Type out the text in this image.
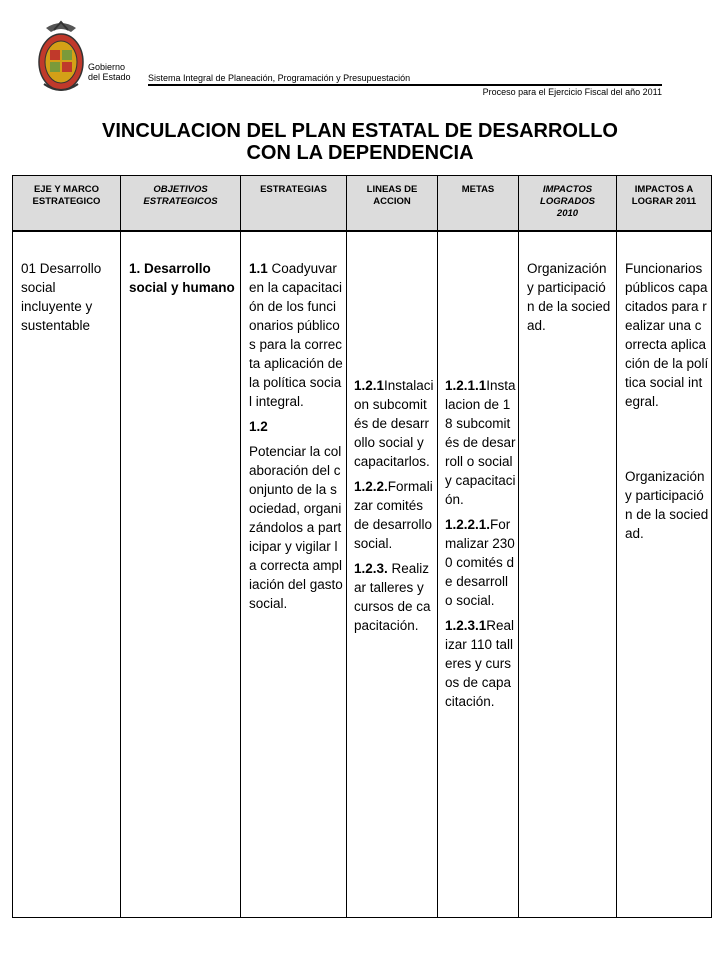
Gobierno
del Estado Sistema Integral de Planeación, Programación y Presupuestación
Proceso para el Ejercicio Fiscal del año 2011
VINCULACION DEL PLAN ESTATAL DE DESARROLLO
CON LA DEPENDENCIA
EJE Y MARCO ESTRATEGICO
OBJETIVOS ESTRATEGICOS
ESTRATEGIAS	LINEAS DE ACCION
METAS	IMPACTOS LOGRADOS 2010
IMPACTOS A LOGRAR 2011
01 Desarrollo social incluyente y sustentable
1. Desarrollo social y humano
1.1 Coadyuvar en la capacitación de los funcionarios públicos para la correcta aplicación de la política social integral.
1.2
Potenciar la colaboración del conjunto de la sociedad, organizándolos a participar y vigilar la correcta ampliación del gasto social.
1.2.1Instalacion subcomités de desarrollo social y capacitarlos.
1.2.2.Formalizar comités de desarrollo social.
1.2.3. Realizar talleres y cursos de capacitación.
1.2.1.1Instalacion de 18 subcomités de desarroll o social y capacitación.
1.2.2.1.Formalizar 2300 comités de desarroll o social.
1.2.3.1Realizar 110 talleres y cursos de capacitación.
Organización y participación de la sociedad.
Funcionarios públicos capacitados para realizar una correcta aplicación de la política social integral.
Organización y participación de la sociedad.
